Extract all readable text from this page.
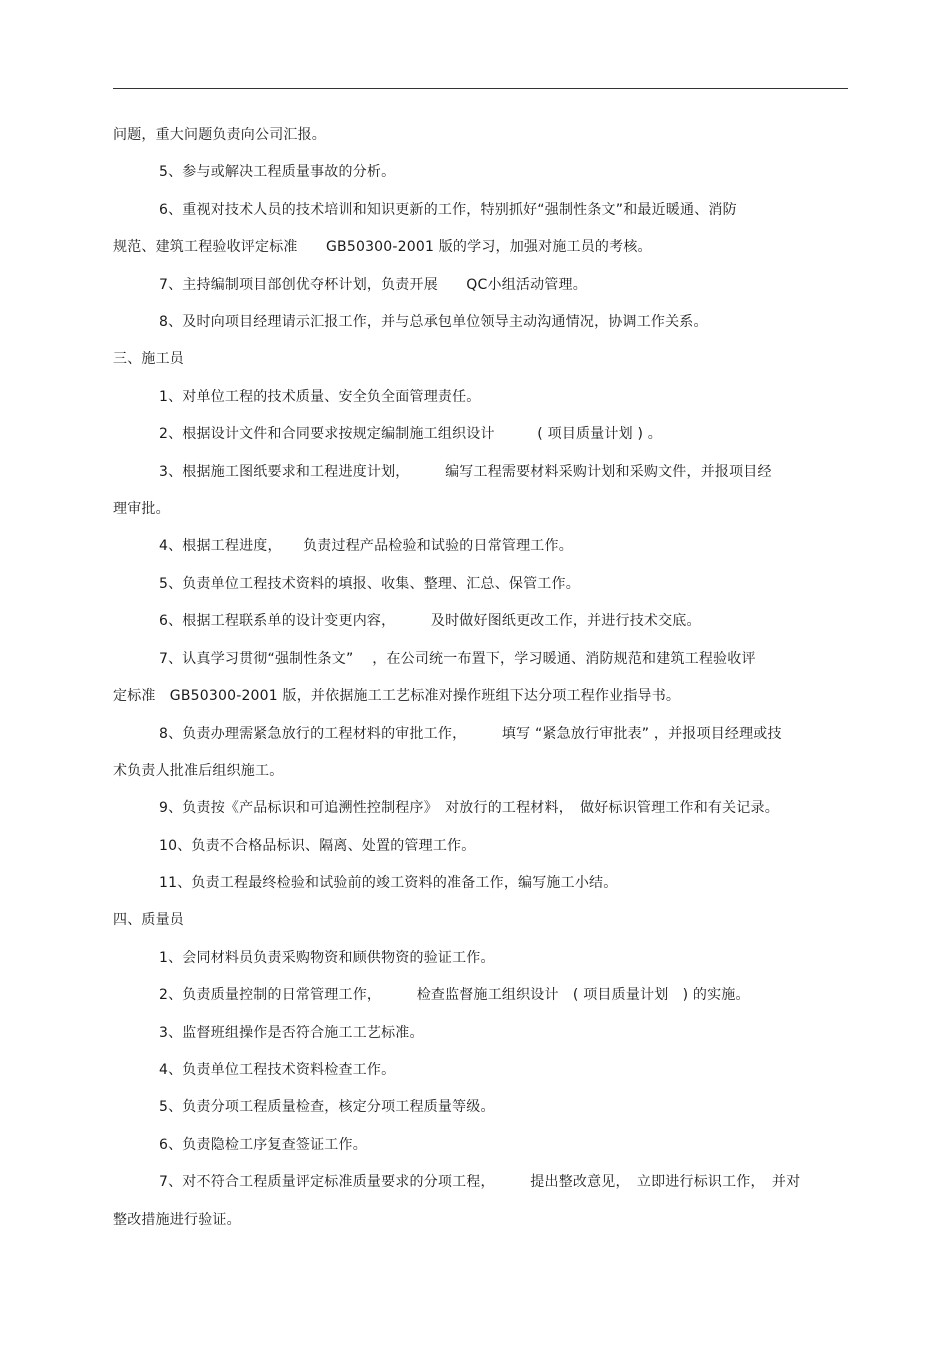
问题，重大问题负责向公司汇报。
5、参与或解决工程质量事故的分析。
6、重视对技术人员的技术培训和知识更新的工作，特别抓好“强制性条文”和最近暖通、消防
规范、建筑工程验收评定标准　　GB50300-2001 版的学习，加强对施工员的考核。
7、主持编制项目部创优夺杯计划，负责开展　　QC小组活动管理。
8、及时向项目经理请示汇报工作，并与总承包单位领导主动沟通情况，协调工作关系。
三、施工员
1、对单位工程的技术质量、安全负全面管理责任。
2、根据设计文件和合同要求按规定编制施工组织设计　　　( 项目质量计划 ) 。
3、根据施工图纸要求和工程进度计划，　　　编写工程需要材料采购计划和采购文件，并报项目经
理审批。
4、根据工程进度，　　负责过程产品检验和试验的日常管理工作。
5、负责单位工程技术资料的填报、收集、整理、汇总、保管工作。
6、根据工程联系单的设计变更内容，　　　及时做好图纸更改工作，并进行技术交底。
7、认真学习贯彻“强制性条文”　 ，在公司统一布置下，学习暖通、消防规范和建筑工程验收评
定标准　GB50300-2001 版，并依据施工工艺标准对操作班组下达分项工程作业指导书。
8、负责办理需紧急放行的工程材料的审批工作，　　　填写 “紧急放行审批表” ，并报项目经理或技
术负责人批准后组织施工。
9、负责按《产品标识和可追溯性控制程序》　对放行的工程材料，　做好标识管理工作和有关记录。
10、负责不合格品标识、隔离、处置的管理工作。
11、负责工程最终检验和试验前的竣工资料的准备工作，编写施工小结。
四、质量员
1、会同材料员负责采购物资和顾供物资的验证工作。
2、负责质量控制的日常管理工作，　　　检查监督施工组织设计　( 项目质量计划　) 的实施。
3、监督班组操作是否符合施工工艺标准。
4、负责单位工程技术资料检查工作。
5、负责分项工程质量检查，核定分项工程质量等级。
6、负责隐检工序复查签证工作。
7、对不符合工程质量评定标准质量要求的分项工程，　　　提出整改意见，　立即进行标识工作，　并对
整改措施进行验证。
